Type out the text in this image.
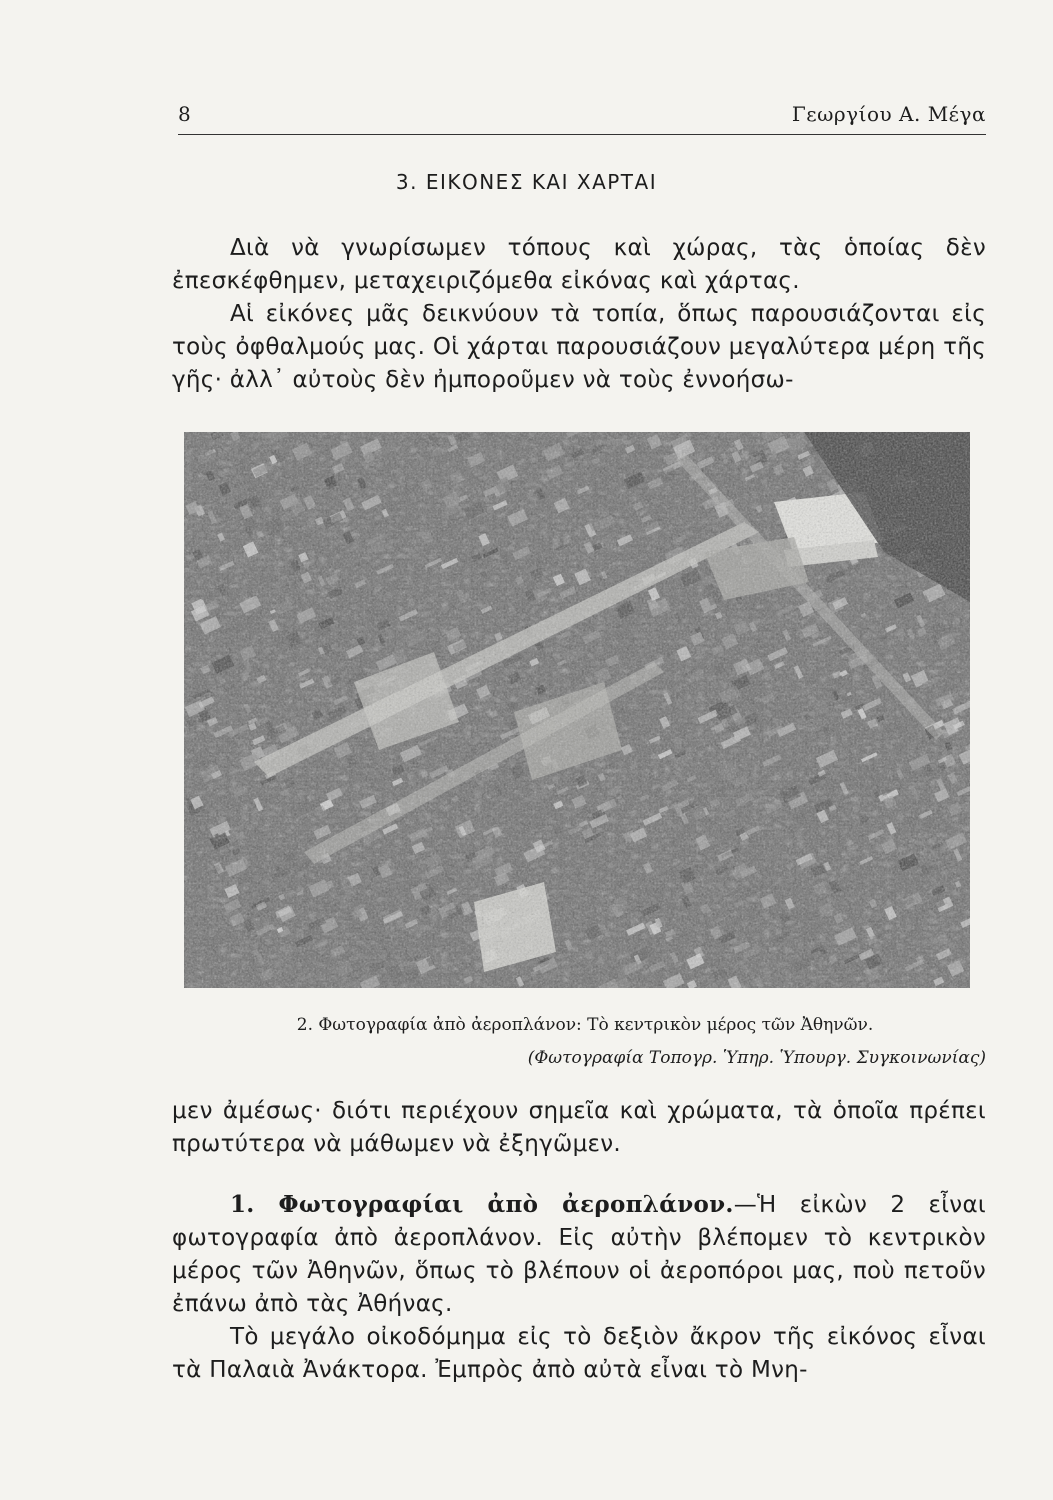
8	Γεωργίου Α. Μέγα
3. ΕΙΚΟΝΕΣ ΚΑΙ ΧΑΡΤΑΙ

Διὰ νὰ γνωρίσωμεν τόπους καὶ χώρας, τὰς ὁποίας δὲν ἐπεσκέφθημεν, μεταχειριζόμεθα εἰκόνας καὶ χάρτας.

Αἱ εἰκόνες μᾶς δεικνύουν τὰ τοπία, ὅπως παρουσιάζονται εἰς τοὺς ὀφθαλμούς μας. Οἱ χάρται παρουσιάζουν μεγαλύτερα μέρη τῆς γῆς· ἀλλ᾽ αὐτοὺς δὲν ἠμποροῦμεν νὰ τοὺς ἐννοήσω-

2. Φωτογραφία ἀπὸ ἀεροπλάνον: Τὸ κεντρικὸν μέρος τῶν Ἀθηνῶν.
(Φωτογραφία Τοπογρ. Ὑπηρ. Ὑπουργ. Συγκοινωνίας)

μεν ἀμέσως· διότι περιέχουν σημεῖα καὶ χρώματα, τὰ ὁποῖα πρέπει πρωτύτερα νὰ μάθωμεν νὰ ἐξηγῶμεν.

1. Φωτογραφίαι ἀπὸ ἀεροπλάνον.—Ἡ εἰκὼν 2 εἶναι φωτογραφία ἀπὸ ἀεροπλάνον. Εἰς αὐτὴν βλέπομεν τὸ κεντρικὸν μέρος τῶν Ἀθηνῶν, ὅπως τὸ βλέπουν οἱ ἀεροπόροι μας, ποὺ πετοῦν ἐπάνω ἀπὸ τὰς Ἀθήνας.

Τὸ μεγάλο οἰκοδόμημα εἰς τὸ δεξιὸν ἄκρον τῆς εἰκόνος εἶναι τὰ Παλαιὰ Ἀνάκτορα. Ἐμπρὸς ἀπὸ αὐτὰ εἶναι τὸ Μνη-
